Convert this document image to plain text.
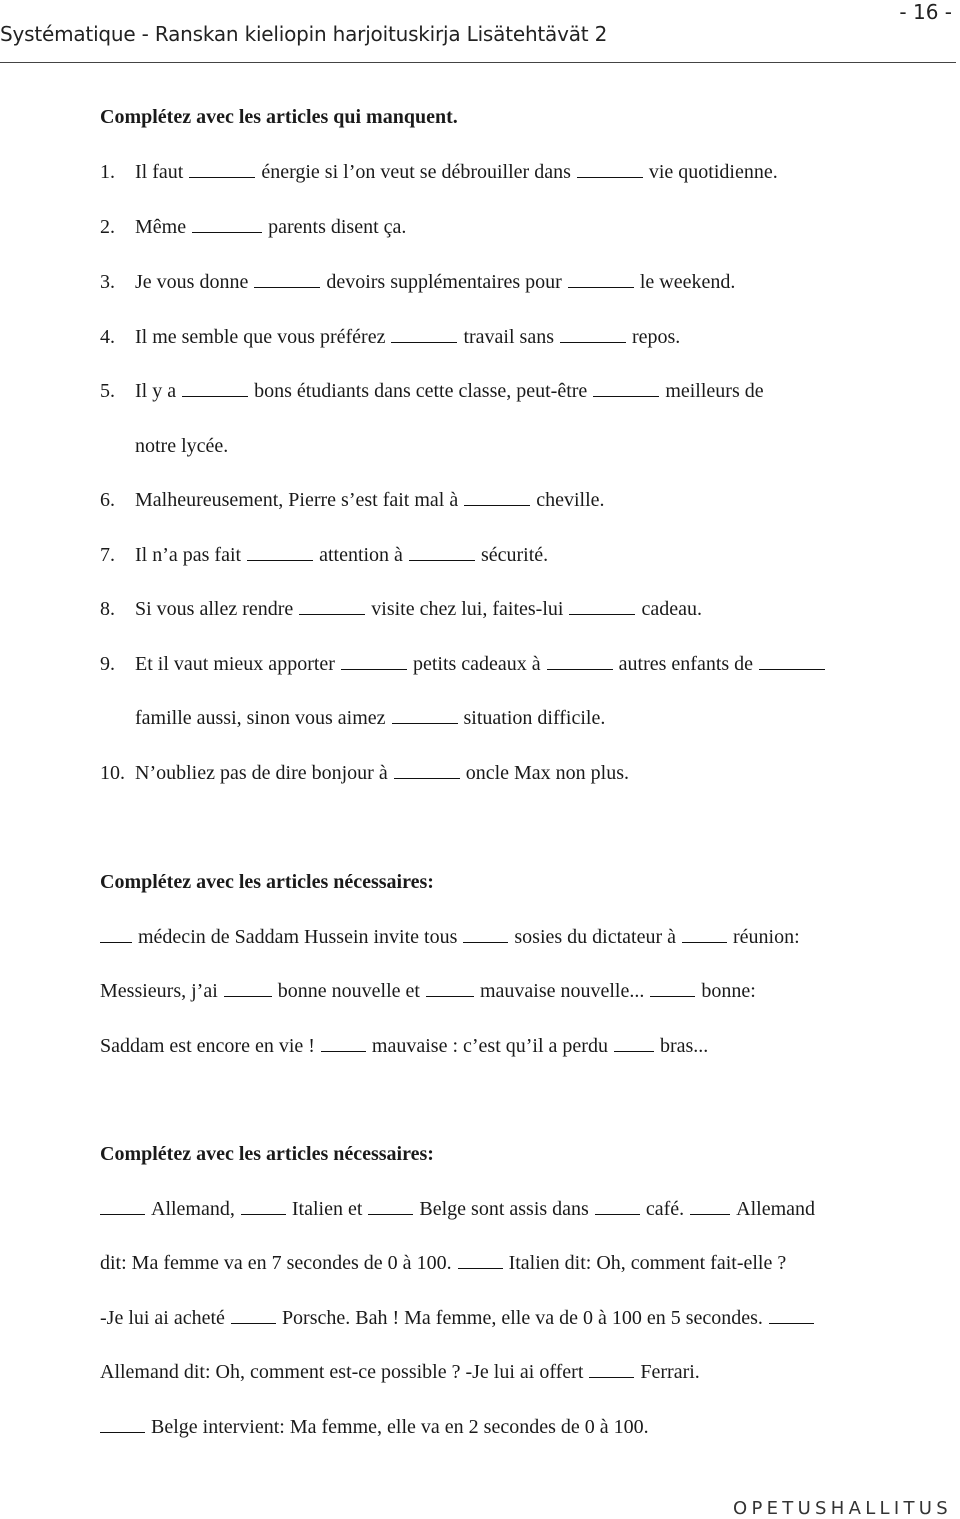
- 16 -
Systématique - Ranskan kieliopin harjoituskirja Lisätehtävät 2
Complétez avec les articles qui manquent.
1. Il faut	énergie si l’on veut se débrouiller dans	vie quotidienne.
2. Même	parents disent ça.
3. Je vous donne	devoirs supplémentaires pour	le weekend.
4. Il me semble que vous préférez	travail sans	repos.
5. Il y a	bons étudiants dans cette classe, peut-être	meilleurs de
notre lycée.
6. Malheureusement, Pierre s’est fait mal à	cheville.
7. Il n’a pas fait	attention à	sécurité.
8. Si vous allez rendre	visite chez lui, faites-lui	cadeau.
9. Et il vaut mieux apporter	petits cadeaux à	autres enfants de
famille aussi, sinon vous aimez	situation difficile.
10. N’oubliez pas de dire bonjour à	oncle Max non plus.
Complétez avec les articles nécessaires:
médecin de Saddam Hussein invite tous	sosies du dictateur à	réunion:
Messieurs, j’ai	bonne nouvelle et	mauvaise nouvelle...	bonne:
Saddam est encore en vie !	mauvaise : c’est qu’il a perdu	bras...
Complétez avec les articles nécessaires:
Allemand,	Italien et	Belge sont assis dans	café.	Allemand
dit: Ma femme va en 7 secondes de 0 à 100.	Italien dit: Oh, comment fait-elle ?
-Je lui ai acheté	Porsche. Bah ! Ma femme, elle va de 0 à 100 en 5 secondes.
Allemand dit: Oh, comment est-ce possible ? -Je lui ai offert	Ferrari.
Belge intervient: Ma femme, elle va en 2 secondes de 0 à 100.
OPETUSHALLITUS
